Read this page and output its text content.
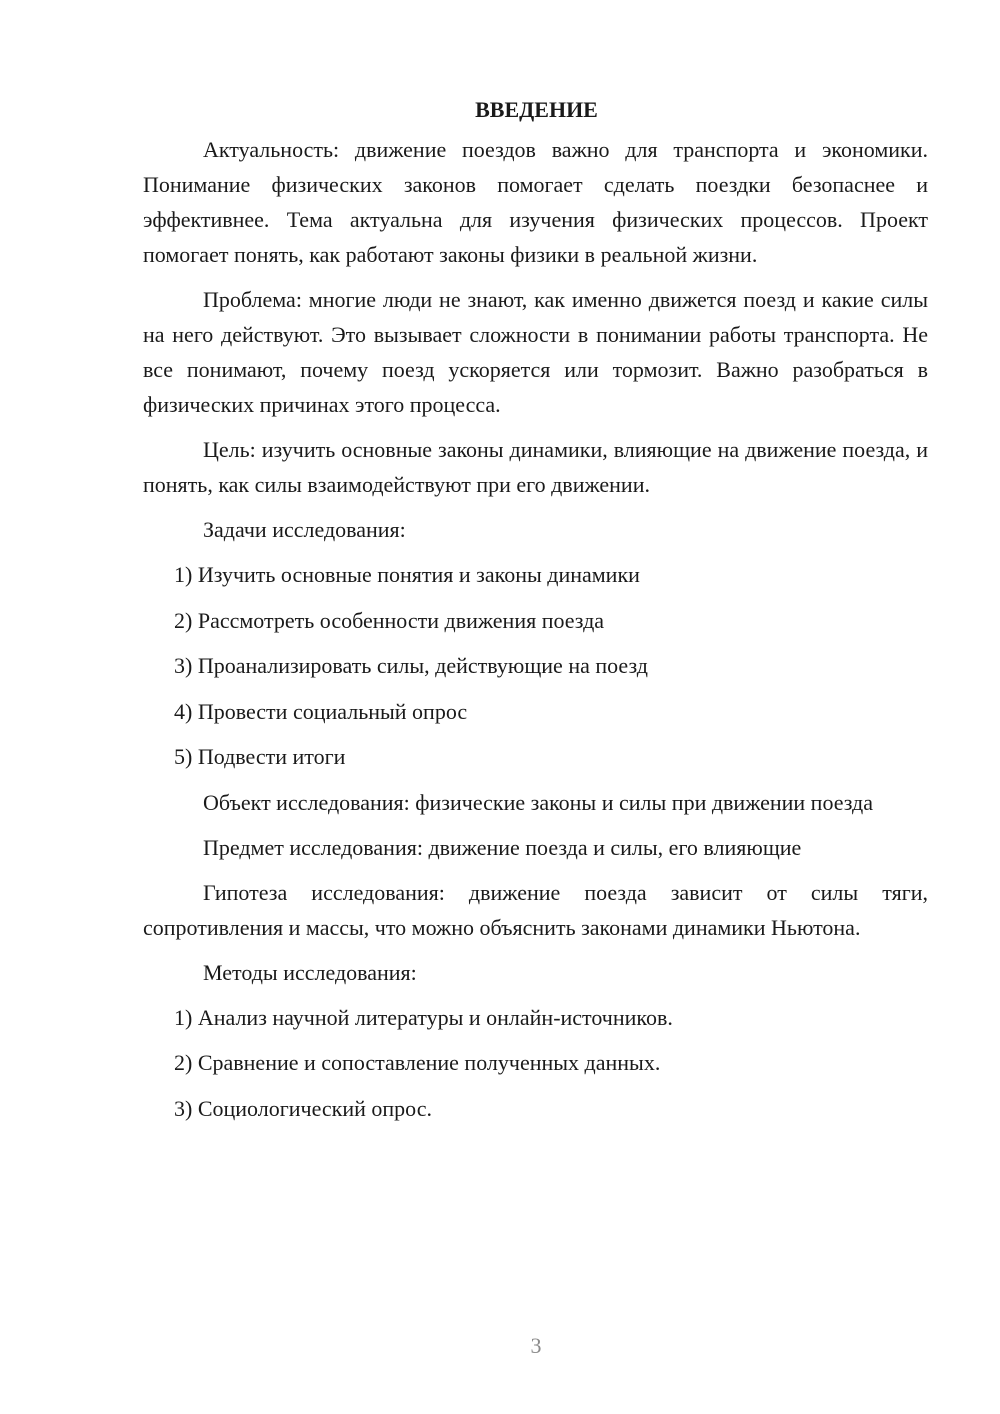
ВВЕДЕНИЕ

Актуальность: движение поездов важно для транспорта и экономики. Понимание физических законов помогает сделать поездки безопаснее и эффективнее. Тема актуальна для изучения физических процессов. Проект помогает понять, как работают законы физики в реальной жизни.

Проблема: многие люди не знают, как именно движется поезд и какие силы на него действуют. Это вызывает сложности в понимании работы транспорта. Не все понимают, почему поезд ускоряется или тормозит. Важно разобраться в физических причинах этого процесса.

Цель: изучить основные законы динамики, влияющие на движение поезда, и понять, как силы взаимодействуют при его движении.

Задачи исследования:

1) Изучить основные понятия и законы динамики
2) Рассмотреть особенности движения поезда
3) Проанализировать силы, действующие на поезд
4) Провести социальный опрос
5) Подвести итоги

Объект исследования: физические законы и силы при движении поезда

Предмет исследования: движение поезда и силы, его влияющие

Гипотеза исследования: движение поезда зависит от силы тяги, сопротивления и массы, что можно объяснить законами динамики Ньютона.

Методы исследования:

1) Анализ научной литературы и онлайн-источников.
2) Сравнение и сопоставление полученных данных.
3) Социологический опрос.
3
